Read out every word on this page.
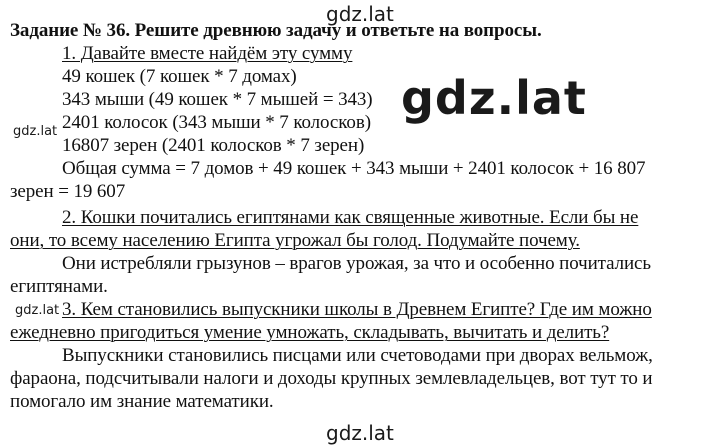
Задание № 36. Решите древнюю задачу и ответьте на вопросы.
1. Давайте вместе найдём эту сумму
49 кошек (7 кошек * 7 домах)
343 мыши (49 кошек * 7 мышей = 343)
2401 колосок (343 мыши * 7 колосков)
16807 зерен (2401 колосков * 7 зерен)
Общая сумма = 7 домов + 49 кошек + 343 мыши + 2401 колосок + 16 807
зерен = 19 607
2. Кошки почитались египтянами как священные животные. Если бы не
они, то всему населению Египта угрожал бы голод. Подумайте почему.
Они истребляли грызунов – врагов урожая, за что и особенно почитались
египтянами.
3. Кем становились выпускники школы в Древнем Египте? Где им можно
ежедневно пригодиться умение умножать, складывать, вычитать и делить?
Выпускники становились писцами или счетоводами при дворах вельмож,
фараона, подсчитывали налоги и доходы крупных землевладельцев, вот тут то и
помогало им знание математики.

gdz.lat
gdz.lat
gdz.lat
gdz.lat
gdz.lat
